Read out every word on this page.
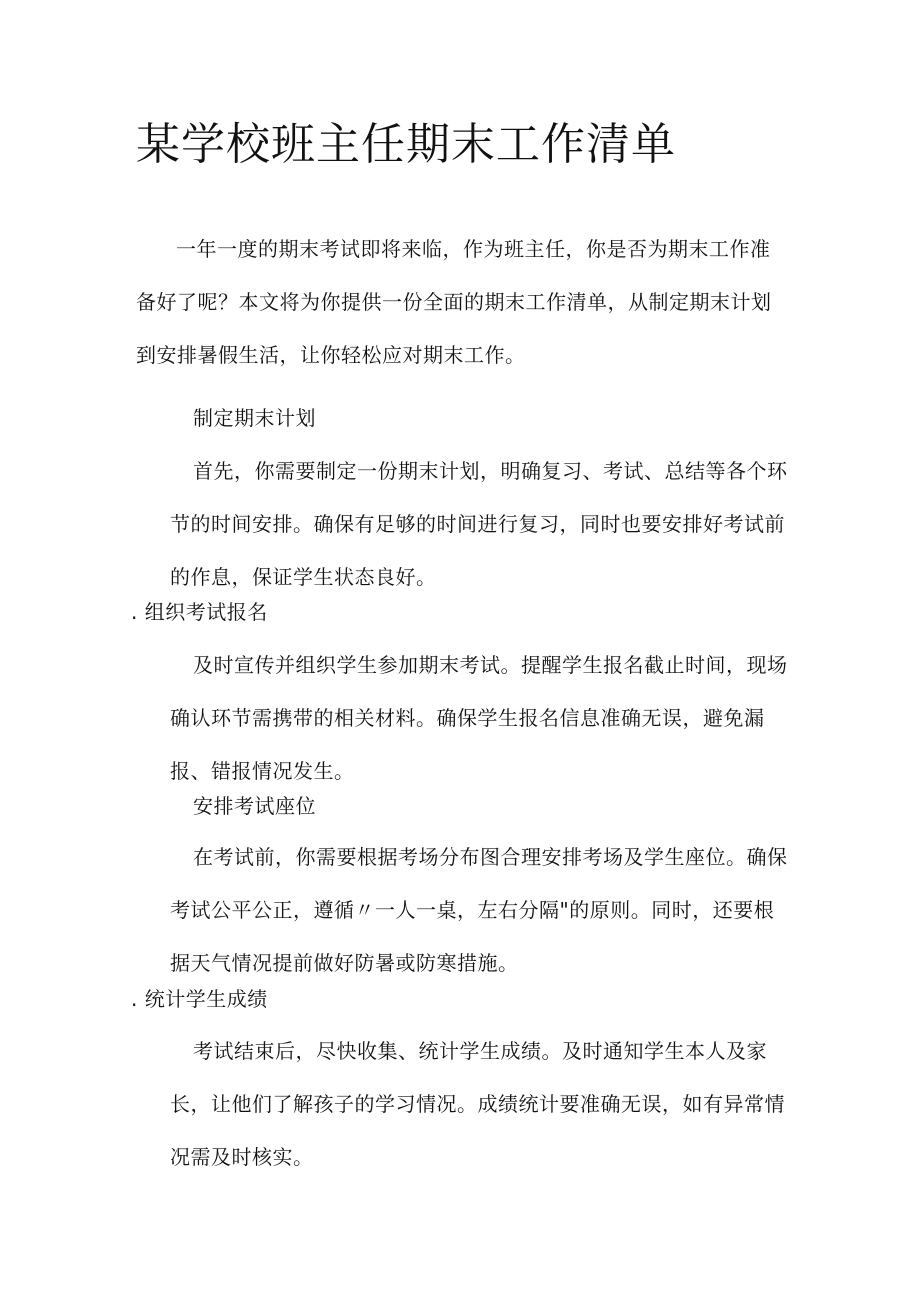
某学校班主任期末工作清单

一年一度的期末考试即将来临，作为班主任，你是否为期末工作准备好了呢？本文将为你提供一份全面的期末工作清单，从制定期末计划到安排暑假生活，让你轻松应对期末工作。

制定期末计划

首先，你需要制定一份期末计划，明确复习、考试、总结等各个环节的时间安排。确保有足够的时间进行复习，同时也要安排好考试前的作息，保证学生状态良好。

. 组织考试报名

及时宣传并组织学生参加期末考试。提醒学生报名截止时间，现场确认环节需携带的相关材料。确保学生报名信息准确无误，避免漏报、错报情况发生。

安排考试座位

在考试前，你需要根据考场分布图合理安排考场及学生座位。确保考试公平公正，遵循〃一人一桌，左右分隔"的原则。同时，还要根据天气情况提前做好防暑或防寒措施。

. 统计学生成绩

考试结束后，尽快收集、统计学生成绩。及时通知学生本人及家长，让他们了解孩子的学习情况。成绩统计要准确无误，如有异常情况需及时核实。
